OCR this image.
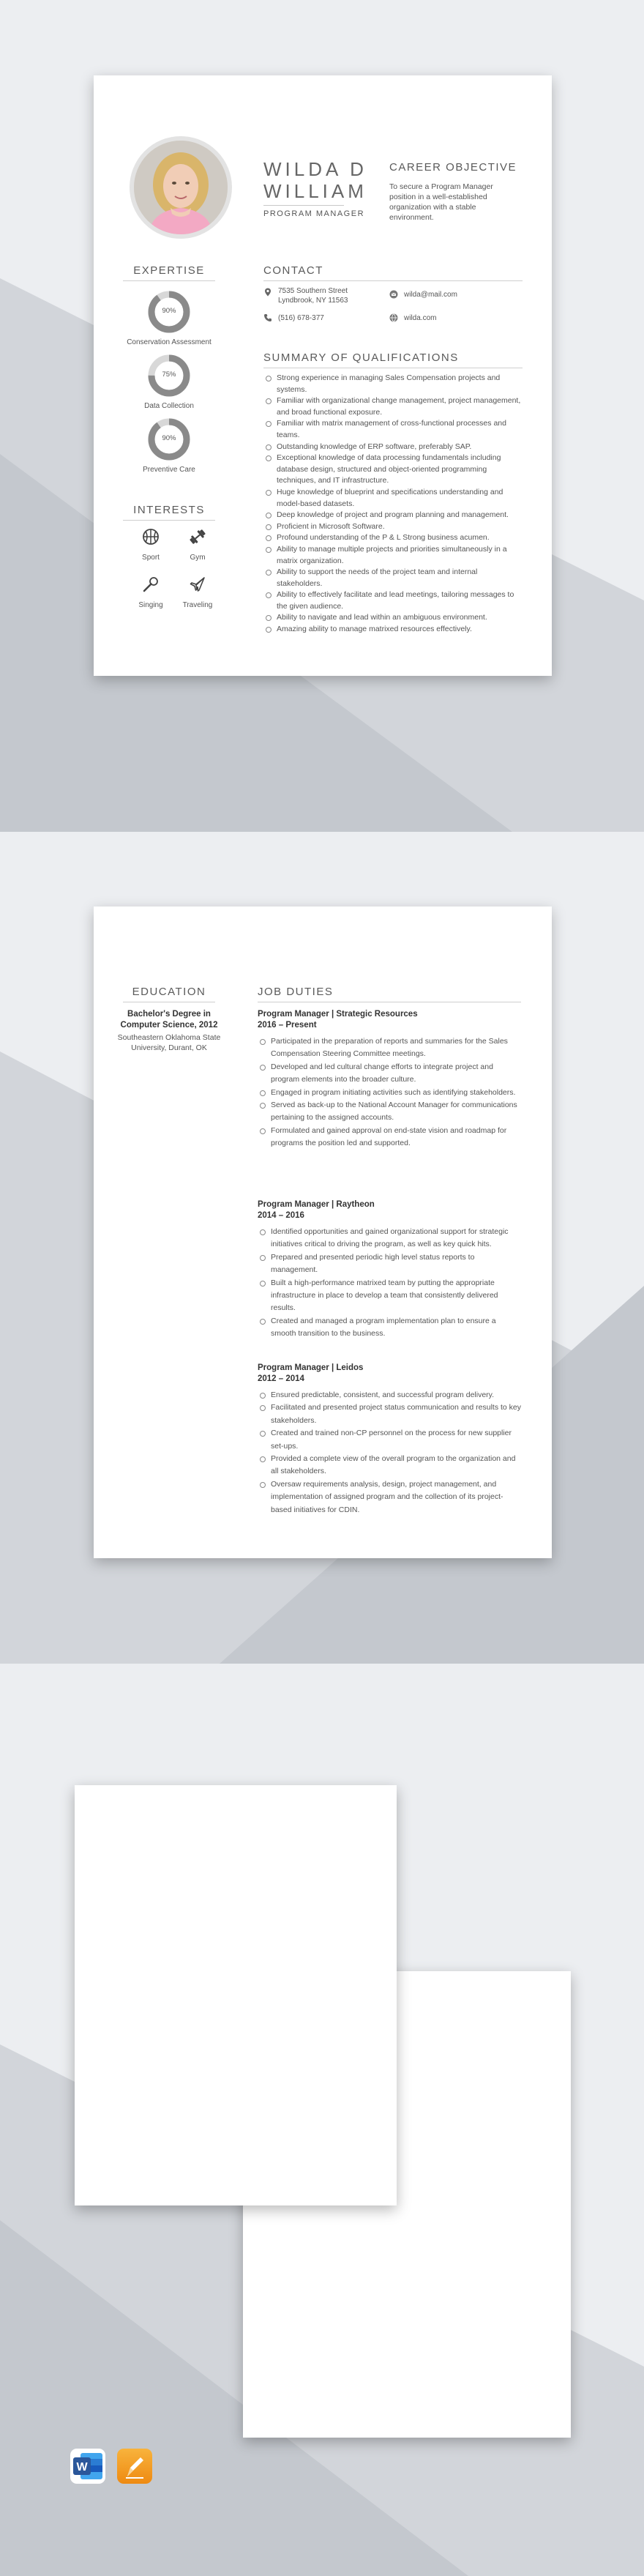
WILDA D
WILLIAM
PROGRAM MANAGER
CAREER OBJECTIVE
To secure a Program Manager position in a well-established organization with a stable environment.
CONTACT
7535 Southern Street Lyndbrook, NY 11563
(516) 678-377
wilda@mail.com
wilda.com
EXPERTISE
90%
Conservation Assessment
75%
Data Collection
90%
Preventive Care
INTERESTS
Sport	Gym
Singing	Traveling
SUMMARY OF QUALIFICATIONS
Strong experience in managing Sales Compensation projects and systems.
Familiar with organizational change management, project management, and broad functional exposure.
Familiar with matrix management of cross-functional processes and teams.
Outstanding knowledge of ERP software, preferably SAP.
Exceptional knowledge of data processing fundamentals including database design, structured and object-oriented programming techniques, and IT infrastructure.
Huge knowledge of blueprint and specifications understanding and model-based datasets.
Deep knowledge of project and program planning and management.
Proficient in Microsoft Software.
Profound understanding of the P & L Strong business acumen.
Ability to manage multiple projects and priorities simultaneously in a matrix organization.
Ability to support the needs of the project team and internal stakeholders.
Ability to effectively facilitate and lead meetings, tailoring messages to the given audience.
Ability to navigate and lead within an ambiguous environment.
Amazing ability to manage matrixed resources effectively.
EDUCATION
Bachelor's Degree in Computer Science, 2012
Southeastern Oklahoma State University, Durant, OK
JOB DUTIES
Program Manager | Strategic Resources
2016 – Present
Participated in the preparation of reports and summaries for the Sales Compensation Steering Committee meetings.
Developed and led cultural change efforts to integrate project and program elements into the broader culture.
Engaged in program initiating activities such as identifying stakeholders.
Served as back-up to the National Account Manager for communications pertaining to the assigned accounts.
Formulated and gained approval on end-state vision and roadmap for programs the position led and supported.
Program Manager | Raytheon
2014 – 2016
Identified opportunities and gained organizational support for strategic initiatives critical to driving the program, as well as key quick hits.
Prepared and presented periodic high level status reports to management.
Built a high-performance matrixed team by putting the appropriate infrastructure in place to develop a team that consistently delivered results.
Created and managed a program implementation plan to ensure a smooth transition to the business.
Program Manager | Leidos
2012 – 2014
Ensured predictable, consistent, and successful program delivery.
Facilitated and presented project status communication and results to key stakeholders.
Created and trained non-CP personnel on the process for new supplier set-ups.
Provided a complete view of the overall program to the organization and all stakeholders.
Oversaw requirements analysis, design, project management, and implementation of assigned program and the collection of its project-based initiatives for CDIN.
W
